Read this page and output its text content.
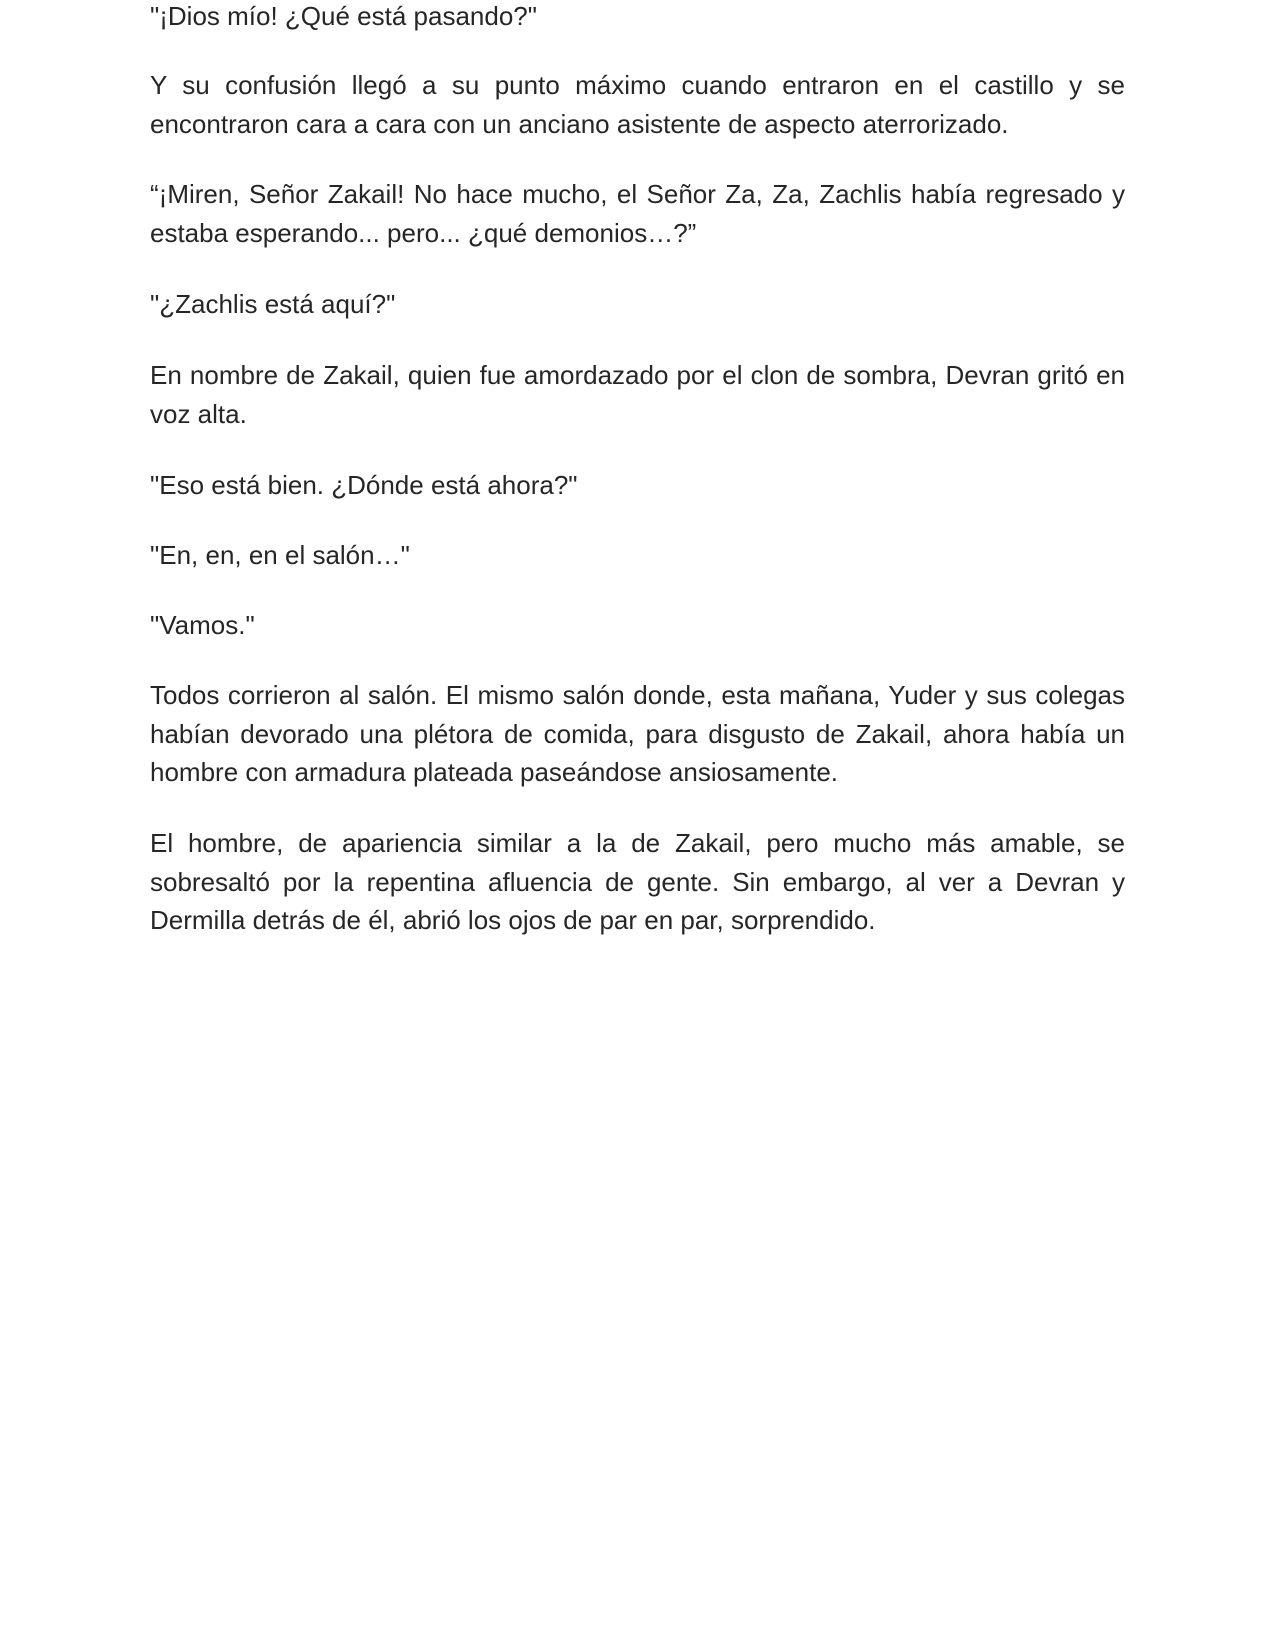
"¡Dios mío! ¿Qué está pasando?"

Y su confusión llegó a su punto máximo cuando entraron en el castillo y se encontraron cara a cara con un anciano asistente de aspecto aterrorizado.

“¡Miren, Señor Zakail! No hace mucho, el Señor Za, Za, Zachlis había regresado y estaba esperando... pero... ¿qué demonios…?”

"¿Zachlis está aquí?"

En nombre de Zakail, quien fue amordazado por el clon de sombra, Devran gritó en voz alta.

"Eso está bien. ¿Dónde está ahora?"

"En, en, en el salón…"

"Vamos."

Todos corrieron al salón. El mismo salón donde, esta mañana, Yuder y sus colegas habían devorado una plétora de comida, para disgusto de Zakail, ahora había un hombre con armadura plateada paseándose ansiosamente.

El hombre, de apariencia similar a la de Zakail, pero mucho más amable, se sobresaltó por la repentina afluencia de gente. Sin embargo, al ver a Devran y Dermilla detrás de él, abrió los ojos de par en par, sorprendido.
